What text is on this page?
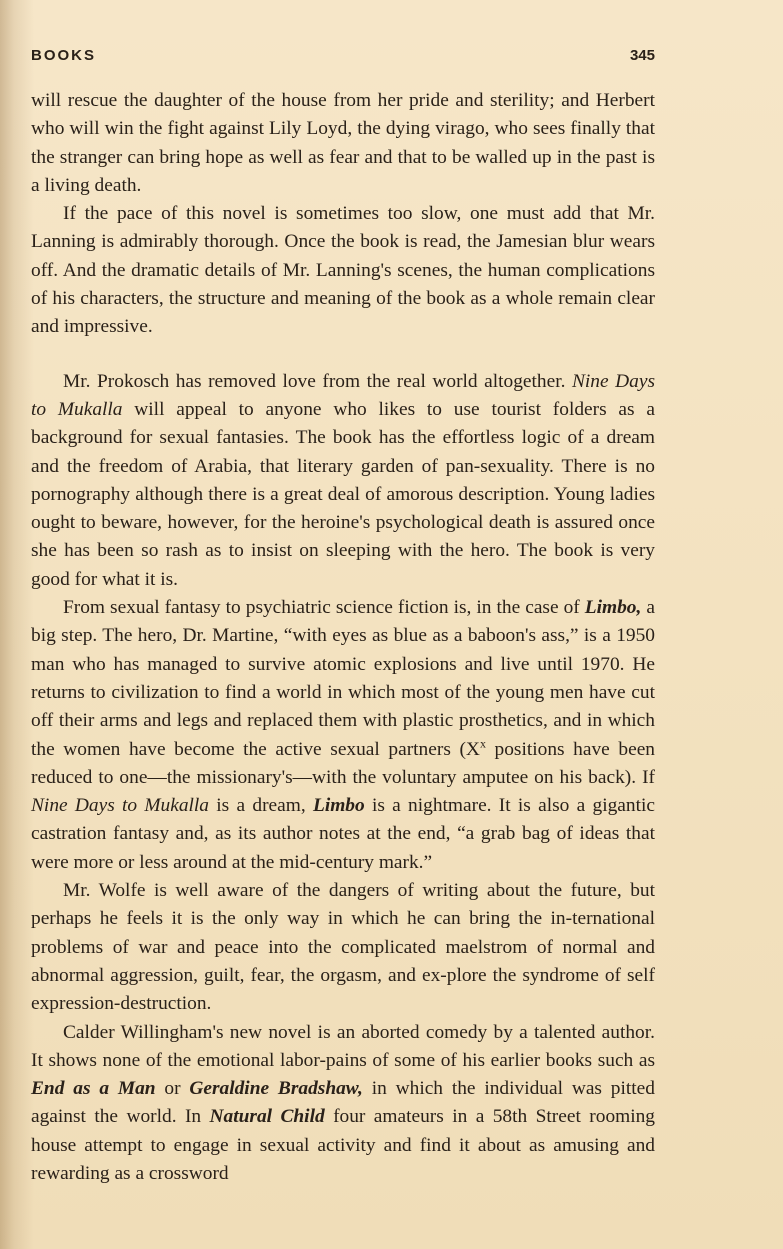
BOOKS	345

will rescue the daughter of the house from her pride and sterility; and Herbert who will win the fight against Lily Loyd, the dying virago, who sees finally that the stranger can bring hope as well as fear and that to be walled up in the past is a living death.

If the pace of this novel is sometimes too slow, one must add that Mr. Lanning is admirably thorough. Once the book is read, the Jamesian blur wears off. And the dramatic details of Mr. Lanning's scenes, the human complications of his characters, the structure and meaning of the book as a whole remain clear and impressive.

Mr. Prokosch has removed love from the real world altogether. Nine Days to Mukalla will appeal to anyone who likes to use tourist folders as a background for sexual fantasies. The book has the effortless logic of a dream and the freedom of Arabia, that literary garden of pan-sexuality. There is no pornography although there is a great deal of amorous description. Young ladies ought to beware, however, for the heroine's psychological death is assured once she has been so rash as to insist on sleeping with the hero. The book is very good for what it is.

From sexual fantasy to psychiatric science fiction is, in the case of Limbo, a big step. The hero, Dr. Martine, “with eyes as blue as a baboon's ass,” is a 1950 man who has managed to survive atomic explosions and live until 1970. He returns to civilization to find a world in which most of the young men have cut off their arms and legs and replaced them with plastic prosthetics, and in which the women have become the active sexual partners ($X^x$ positions have been reduced to one—the missionary's—with the voluntary amputee on his back). If Nine Days to Mukalla is a dream, Limbo is a nightmare. It is also a gigantic castration fantasy and, as its author notes at the end, “a grab bag of ideas that were more or less around at the mid-century mark.”

Mr. Wolfe is well aware of the dangers of writing about the future, but perhaps he feels it is the only way in which he can bring the in-ternational problems of war and peace into the complicated maelstrom of normal and abnormal aggression, guilt, fear, the orgasm, and ex-plore the syndrome of self expression-destruction.

Calder Willingham's new novel is an aborted comedy by a talented author. It shows none of the emotional labor-pains of some of his earlier books such as End as a Man or Geraldine Bradshaw, in which the individual was pitted against the world. In Natural Child four amateurs in a 58th Street rooming house attempt to engage in sexual activity and find it about as amusing and rewarding as a crossword
